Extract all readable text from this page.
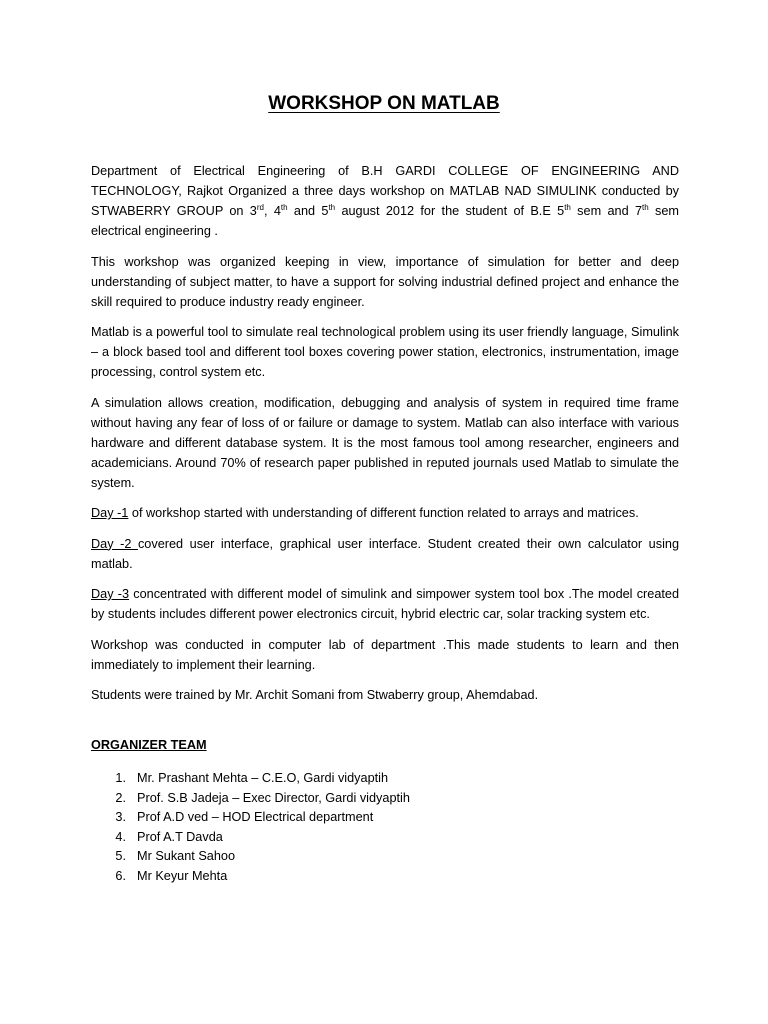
WORKSHOP ON MATLAB

Department of Electrical Engineering of B.H GARDI COLLEGE OF ENGINEERING AND TECHNOLOGY, Rajkot Organized a three days workshop on MATLAB NAD SIMULINK conducted by STWABERRY GROUP on 3rd, 4th and 5th august 2012 for the student of B.E 5th sem and 7th sem electrical engineering .

This workshop was organized keeping in view, importance of simulation for better and deep understanding of subject matter, to have a support for solving industrial defined project and enhance the skill required to produce industry ready engineer.

Matlab is a powerful tool to simulate real technological problem using its user friendly language, Simulink – a block based tool and different tool boxes covering power station, electronics, instrumentation, image processing, control system etc.

A simulation allows creation, modification, debugging and analysis of system in required time frame without having any fear of loss of or failure or damage to system. Matlab can also interface with various hardware and different database system. It is the most famous tool among researcher, engineers and academicians. Around 70% of research paper published in reputed journals used Matlab to simulate the system.

Day -1 of workshop started with understanding of different function related to arrays and matrices.

Day -2 covered user interface, graphical user interface. Student created their own calculator using matlab.

Day -3 concentrated with different model of simulink and simpower system tool box .The model created by students includes different power electronics circuit, hybrid electric car, solar tracking system etc.

Workshop was conducted in computer lab of department .This made students to learn and then immediately to implement their learning.

Students were trained by Mr. Archit Somani from Stwaberry group, Ahemdabad.

ORGANIZER TEAM
1. Mr. Prashant Mehta – C.E.O, Gardi vidyaptih
2. Prof. S.B Jadeja – Exec Director, Gardi vidyaptih
3. Prof A.D ved – HOD Electrical department
4. Prof A.T Davda
5. Mr Sukant Sahoo
6. Mr Keyur Mehta
